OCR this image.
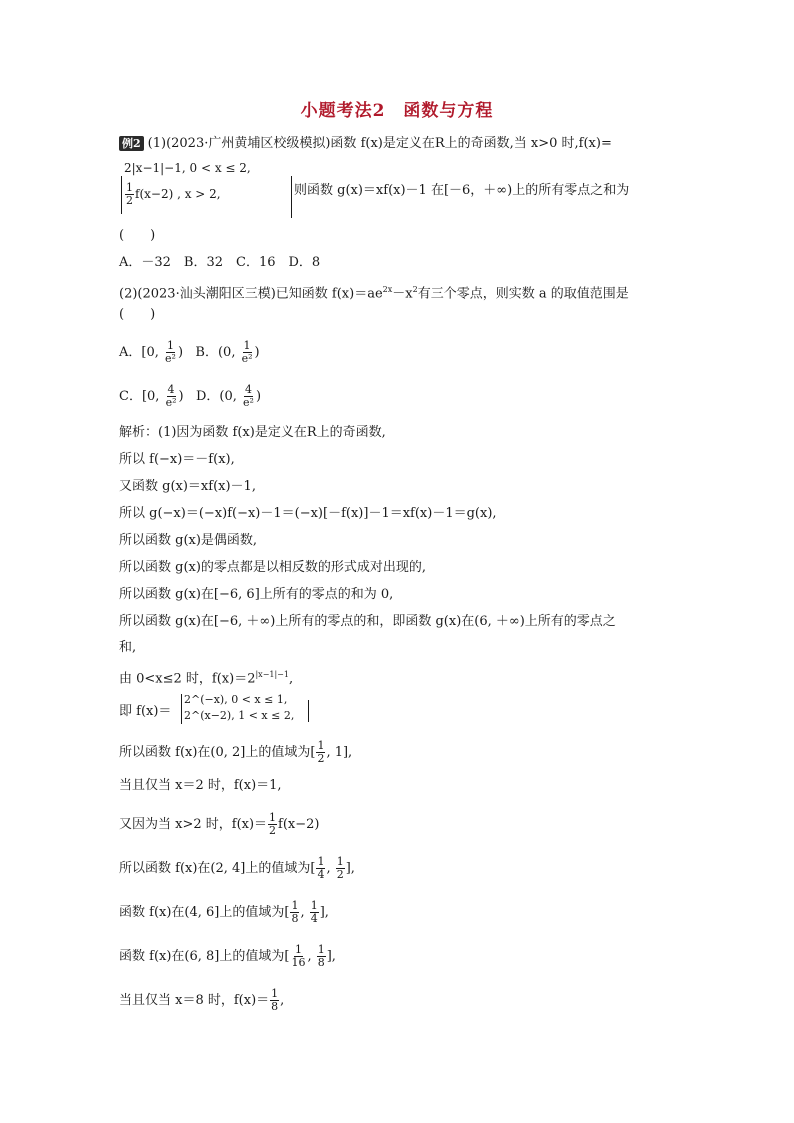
小题考法2　函数与方程
例2 (1)(2023·广州黄埔区校级模拟)函数 f(x)是定义在R上的奇函数,当 x>0 时,f(x)=
2|x−1|−1, 0 < x ≤ 2,
$\frac{1}{2} f(x-2)$ , x > 2,	则函数 g(x)＝xf(x)－1 在[－6，＋∞)上的所有零点之和为
(　　)
A．－32　B．32　C．16　D．8
(2)(2023·汕头潮阳区三模)已知函数 $f(x)=ae^{2x}-x^2$有三个零点，则实数 a 的取值范围是
(　　)
A．[0, $\frac{1}{\text{e²}}$ ) B．(0, $\frac{1}{\text{e²}}$ )
C．[0, $\frac{4}{\text{e²}}$ ) D．(0, $\frac{4}{\text{e²}}$ )
解析：(1)因为函数 f(x)是定义在R上的奇函数,
所以 f(−x)＝－f(x),
又函数 g(x)＝xf(x)－1,
所以 g(−x)＝(−x)f(−x)－1＝(−x)[－f(x)]－1＝xf(x)－1＝g(x),
所以函数 g(x)是偶函数,
所以函数 g(x)的零点都是以相反数的形式成对出现的,
所以函数 g(x)在[−6, 6]上所有的零点的和为 0,
所以函数 g(x)在[−6, ＋∞)上所有的零点的和，即函数 g(x)在(6, ＋∞)上所有的零点之
和,
由 0<x≤2 时，$f(x)=2^{|x-1|-1}$,
即 f(x)＝
2^(−x), 0 < x ≤ 1,
2^(x−2), 1 < x ≤ 2,
所以函数 f(x)在(0, 2]上的值域为[ $\frac{1}{2}$ , 1],
当且仅当 x＝2 时，f(x)＝1,
又因为当 x>2 时，$f(x)= \frac{1}{2} f(x-2)$
所以函数 f(x)在(2, 4]上的值域为[ $\frac{1}{4}$ , $\frac{1}{2}$ ],
函数 f(x)在(4, 6]上的值域为[ $\frac{1}{8}$ , $\frac{1}{4}$ ],
函数 f(x)在(6, 8]上的值域为[ $\frac{1}{16}$ , $\frac{1}{8}$ ],
当且仅当 x＝8 时，$f(x)= \frac{1}{8}$ ,
